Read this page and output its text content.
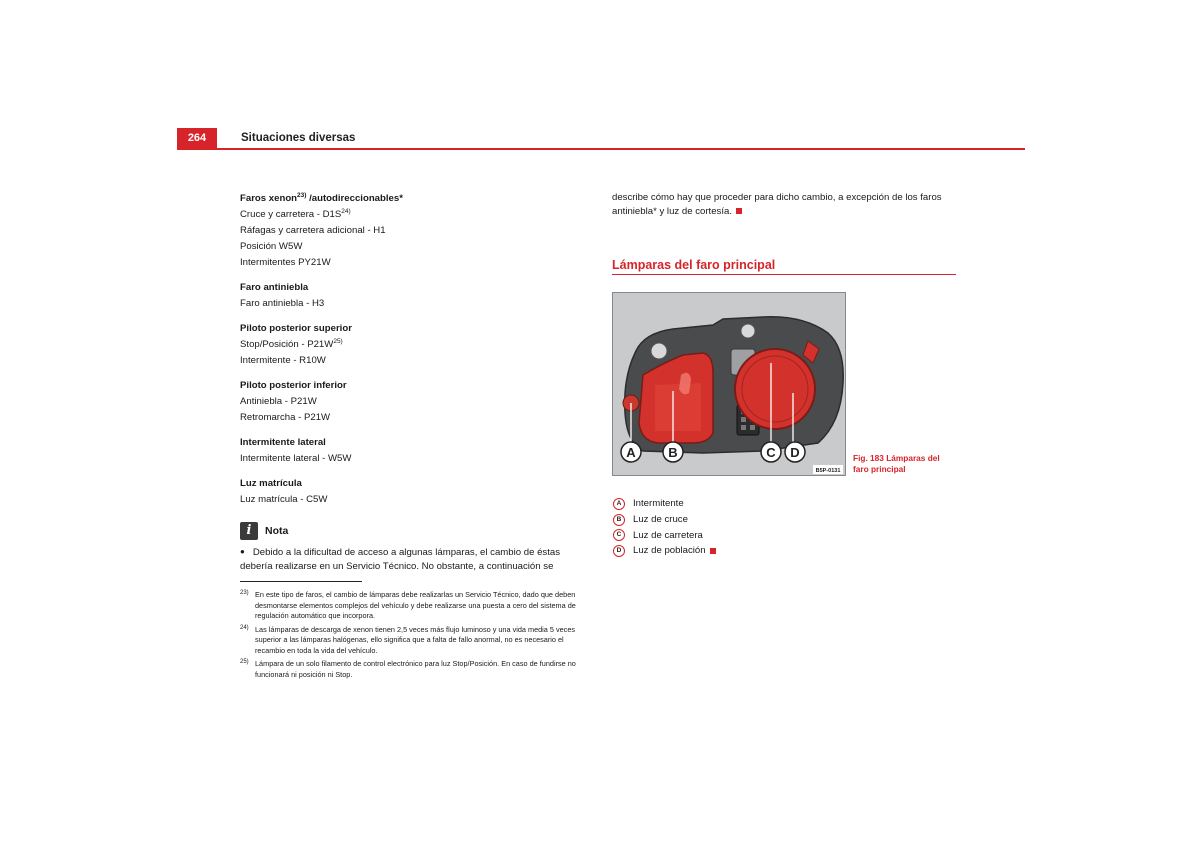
264	Situaciones diversas
Faros xenon$^{23)}$ /autodireccionables*
Cruce y carretera - $D1S^{24)}$
Ráfagas y carretera adicional - H1
Posición W5W
Intermitentes PY21W
Faro antiniebla
Faro antiniebla - H3
Piloto posterior superior
Stop/Posición - $P21W^{25)}$
Intermitente - R10W
Piloto posterior inferior
Antiniebla - P21W
Retromarcha - P21W
Intermitente lateral
Intermitente lateral - W5W
Luz matrícula
Luz matrícula - C5W
i	Nota
● Debido a la dificultad de acceso a algunas lámparas, el cambio de éstas debería realizarse en un Servicio Técnico. No obstante, a continuación se
23) En este tipo de faros, el cambio de lámparas debe realizarlas un Servicio Técnico, dado que deben desmontarse elementos complejos del vehículo y debe realizarse una puesta a cero del sistema de regulación automático que incorpora.
24) Las lámparas de descarga de xenon tienen 2,5 veces más flujo luminoso y una vida media 5 veces superior a las lámparas halógenas, ello significa que a falta de fallo anormal, no es necesario el recambio en toda la vida del vehículo.
25) Lámpara de un solo filamento de control electrónico para luz Stop/Posición. En caso de fundirse no funcionará ni posición ni Stop.
describe cómo hay que proceder para dicho cambio, a excepción de los faros antiniebla* y luz de cortesía.
Lámparas del faro principal
A	B	C D
B5P-0131
Fig. 183 Lámparas del
faro principal
A	Intermitente
B	Luz de cruce
C	Luz de carretera
D	Luz de población
